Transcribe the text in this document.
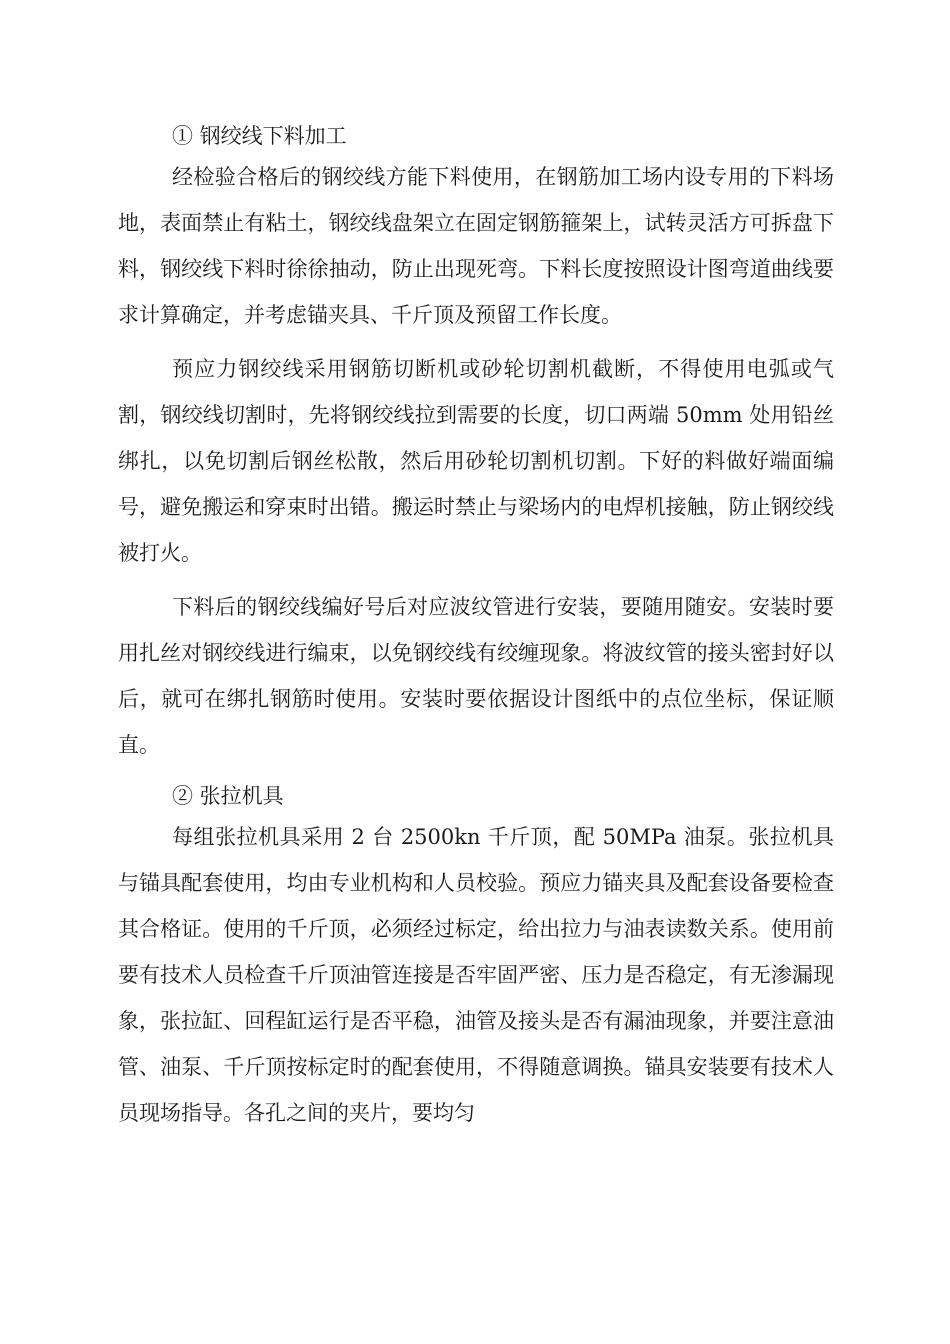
① 钢绞线下料加工

经检验合格后的钢绞线方能下料使用，在钢筋加工场内设专用的下料场地，表面禁止有粘土，钢绞线盘架立在固定钢筋箍架上，试转灵活方可拆盘下料，钢绞线下料时徐徐抽动，防止出现死弯。下料长度按照设计图弯道曲线要求计算确定，并考虑锚夹具、千斤顶及预留工作长度。

预应力钢绞线采用钢筋切断机或砂轮切割机截断，不得使用电弧或气割，钢绞线切割时，先将钢绞线拉到需要的长度，切口两端 50mm 处用铅丝绑扎，以免切割后钢丝松散，然后用砂轮切割机切割。下好的料做好端面编号，避免搬运和穿束时出错。搬运时禁止与梁场内的电焊机接触，防止钢绞线被打火。

下料后的钢绞线编好号后对应波纹管进行安装，要随用随安。安装时要用扎丝对钢绞线进行编束，以免钢绞线有绞缠现象。将波纹管的接头密封好以后，就可在绑扎钢筋时使用。安装时要依据设计图纸中的点位坐标，保证顺直。

② 张拉机具

每组张拉机具采用 2 台 2500kn 千斤顶，配 50MPa 油泵。张拉机具与锚具配套使用，均由专业机构和人员校验。预应力锚夹具及配套设备要检查其合格证。使用的千斤顶，必须经过标定，给出拉力与油表读数关系。使用前要有技术人员检查千斤顶油管连接是否牢固严密、压力是否稳定，有无渗漏现象，张拉缸、回程缸运行是否平稳，油管及接头是否有漏油现象，并要注意油管、油泵、千斤顶按标定时的配套使用，不得随意调换。锚具安装要有技术人员现场指导。各孔之间的夹片，要均匀
